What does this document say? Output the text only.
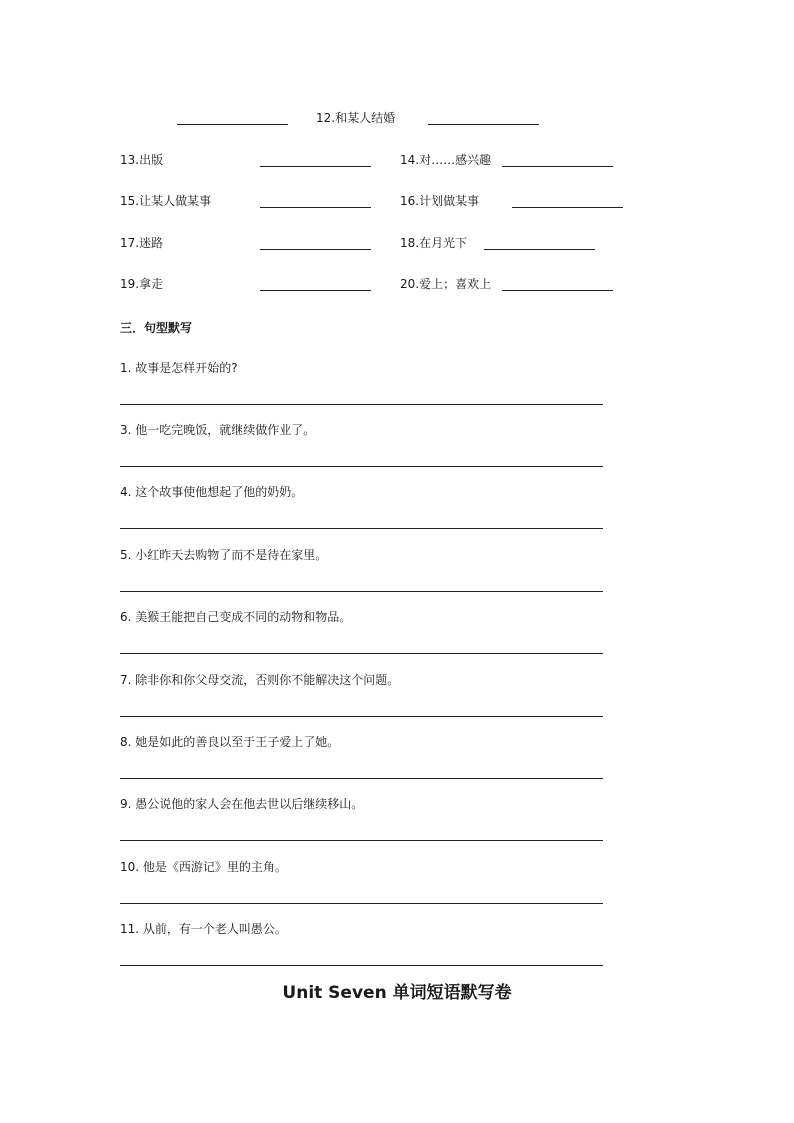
12.和某人结婚
13.出版	14.对……感兴趣
15.让某人做某事	16.计划做某事
17.迷路	18.在月光下
19.拿走	20.爱上；喜欢上
三．句型默写
1. 故事是怎样开始的?
3. 他一吃完晚饭，就继续做作业了。
4. 这个故事使他想起了他的奶奶。
5. 小红昨天去购物了而不是待在家里。
6. 美猴王能把自己变成不同的动物和物品。
7. 除非你和你父母交流，否则你不能解决这个问题。
8. 她是如此的善良以至于王子爱上了她。
9. 愚公说他的家人会在他去世以后继续移山。
10. 他是《西游记》里的主角。
11. 从前，有一个老人叫愚公。
Unit Seven 单词短语默写卷
